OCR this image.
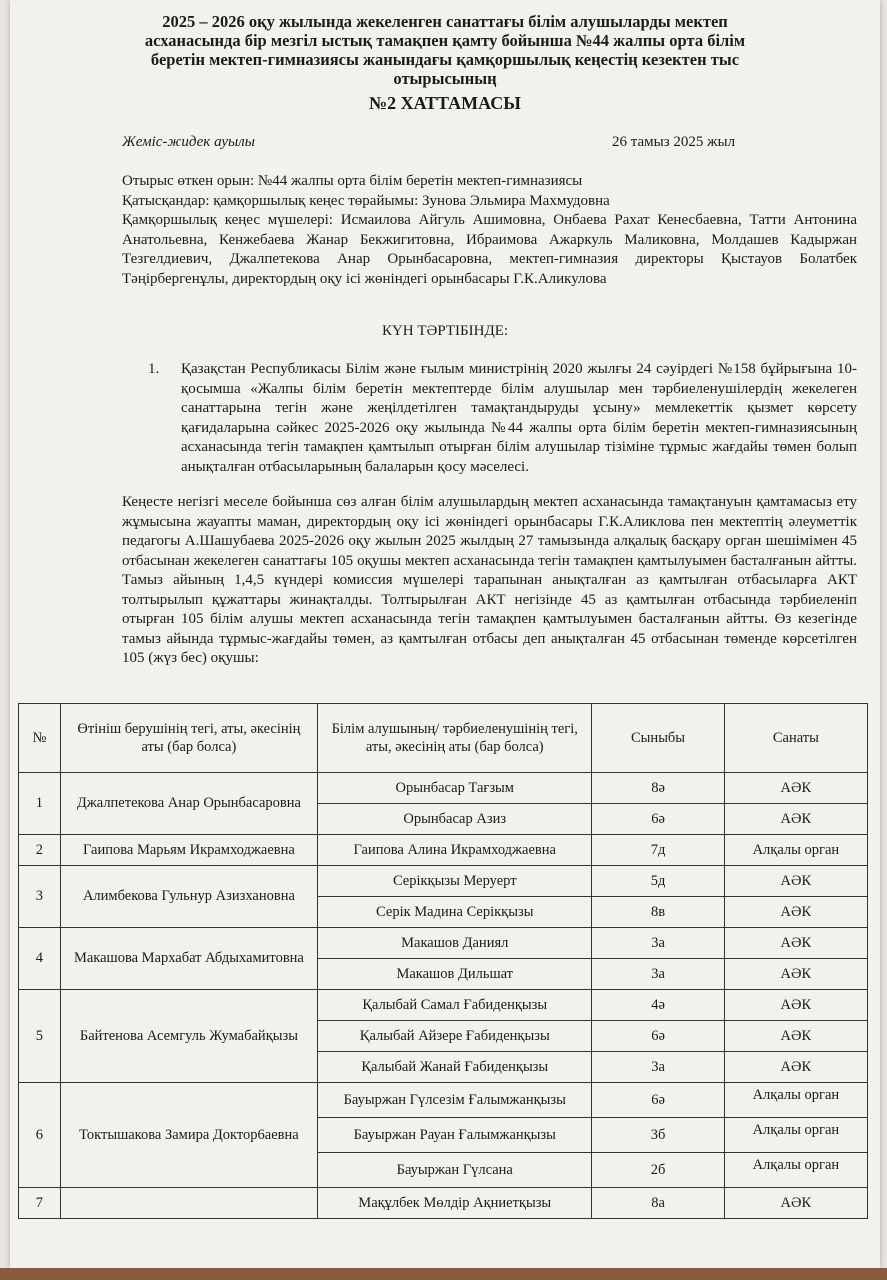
2025 – 2026 оқу жылында жекеленген санаттағы білім алушыларды мектеп
асханасында бір мезгіл ыстық тамақпен қамту бойынша №44 жалпы орта білім
беретін мектеп-гимназиясы жанындағы қамқоршылық кеңестің кезектен тыс
отырысының
№2 ХАТТАМАСЫ
Жеміс-жидек ауылы	26 тамыз 2025 жыл

Отырыс өткен орын: №44 жалпы орта білім беретін мектеп-гимназиясы

Қатысқандар: қамқоршылық кеңес төрайымы: Зунова Эльмира Махмудовна

Қамқоршылық кеңес мүшелері: Исмаилова Айгуль Ашимовна, Онбаева Рахат Кенесбаевна, Татти Антонина Анатольевна, Кенжебаева Жанар Бекжигитовна, Ибраимова Ажаркуль Маликовна, Молдашев Кадыржан Тезгелдиевич, Джалпетекова Анар Орынбасаровна, мектеп-гимназия директоры Қыстауов Болатбек Тәңірбергенұлы, директордың оқу ісі жөніндегі орынбасары Г.К.Аликулова

КҮН ТӘРТІБІНДЕ:
1. Қазақстан Республикасы Білім және ғылым министрінің 2020 жылғы 24 сәуірдегі №158 бұйрығына 10-қосымша «Жалпы білім беретін мектептерде білім алушылар мен тәрбиеленушілердің жекелеген санаттарына тегін және жеңілдетілген тамақтандыруды ұсыну» мемлекеттік қызмет көрсету қағидаларына сәйкес 2025-2026 оқу жылында №44 жалпы орта білім беретін мектеп-гимназиясының асханасында тегін тамақпен қамтылып отырған білім алушылар тізіміне тұрмыс жағдайы төмен болып анықталған отбасыларының балаларын қосу мәселесі.
Кеңесте негізгі меселе бойынша сөз алған білім алушылардың мектеп асханасында тамақтануын қамтамасыз ету жұмысына жауапты маман, директордың оқу ісі жөніндегі орынбасары Г.К.Аликлова пен мектептің әлеуметтік педагогы А.Шашубаева 2025-2026 оқу жылын 2025 жылдың 27 тамызында алқалық басқару орган шешімімен 45 отбасынан жекелеген санаттағы 105 оқушы мектеп асханасында тегін тамақпен қамтылуымен басталғанын айтты. Тамыз айының 1,4,5 күндері комиссия мүшелері тарапынан анықталған аз қамтылған отбасыларға АКТ толтырылып құжаттары жинақталды. Толтырылған АКТ негізінде 45 аз қамтылған отбасында тәрбиеленіп отырған 105 білім алушы мектеп асханасында тегін тамақпен қамтылуымен басталғанын айтты. Өз кезегінде тамыз айында тұрмыс-жағдайы төмен, аз қамтылған отбасы деп анықталған 45 отбасынан төменде көрсетілген 105 (жүз бес) оқушы:
№	Өтініш берушінің тегі, аты, әкесінің аты (бар болса)	Білім алушының/ тәрбиеленушінің тегі, аты, әкесінің аты (бар болса)	Сыныбы	Санаты
1	Джалпетекова Анар Орынбасаровна	Орынбасар Тағзым	8ә	АӘК
		Орынбасар Азиз	6ә	АӘК
2	Гаипова Марьям Икрамходжаевна	Гаипова Алина Икрамходжаевна	7д	Алқалы орган
3	Алимбекова Гульнур Азизхановна	Серікқызы Меруерт	5д	АӘК
		Серік Мадина Серікқызы	8в	АӘК
4	Макашова Мархабат Абдыхамитовна	Макашов Даниял	3а	АӘК
		Макашов Дильшат	3а	АӘК
5	Байтенова Асемгуль Жумабайқызы	Қалыбай Самал Ғабиденқызы	4ә	АӘК
		Қалыбай Айзере Ғабиденқызы	6ә	АӘК
		Қалыбай Жанай Ғабиденқызы	3а	АӘК
6	Токтышакова Замира Доктор6аевна	Бауыржан Гүлсезім Ғалымжанқызы	6ә	Алқалы орган
		Бауыржан Рауан Ғалымжанқызы	3б	Алқалы орган
		Бауыржан Гүлсана	2б	Алқалы орган
7		Мақұлбек Мөлдір Ақниетқызы	8а	АӘК
